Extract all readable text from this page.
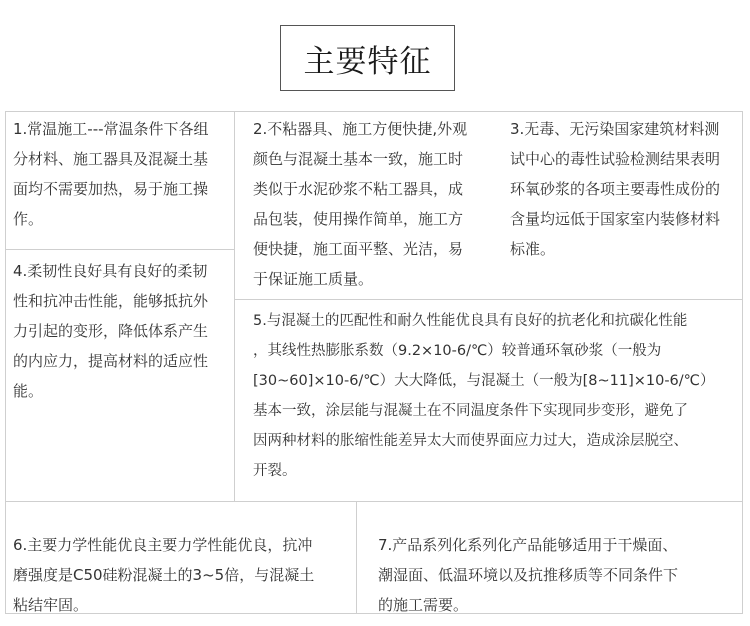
主要特征
1.常温施工---常温条件下各组
分材料、施工器具及混凝土基
面均不需要加热，易于施工操
作。
2.不粘器具、施工方便快捷,外观
颜色与混凝土基本一致，施工时
类似于水泥砂浆不粘工器具，成
品包装，使用操作简单，施工方
便快捷，施工面平整、光洁，易
于保证施工质量。
3.无毒、无污染国家建筑材料测
试中心的毒性试验检测结果表明
环氧砂浆的各项主要毒性成份的
含量均远低于国家室内装修材料
标准。
4.柔韧性良好具有良好的柔韧
性和抗冲击性能，能够抵抗外
力引起的变形，降低体系产生
的内应力，提高材料的适应性
能。
5.与混凝土的匹配性和耐久性能优良具有良好的抗老化和抗碳化性能
，其线性热膨胀系数（9.2×10-6/℃）较普通环氧砂浆（一般为
[30~60]×10-6/℃）大大降低，与混凝土（一般为[8~11]×10-6/℃）
基本一致，涂层能与混凝土在不同温度条件下实现同步变形，避免了
因两种材料的胀缩性能差异太大而使界面应力过大，造成涂层脱空、
开裂。
6.主要力学性能优良主要力学性能优良，抗冲
磨强度是C50硅粉混凝土的3~5倍，与混凝土
粘结牢固。
7.产品系列化系列化产品能够适用于干燥面、
潮湿面、低温环境以及抗推移质等不同条件下
的施工需要。
